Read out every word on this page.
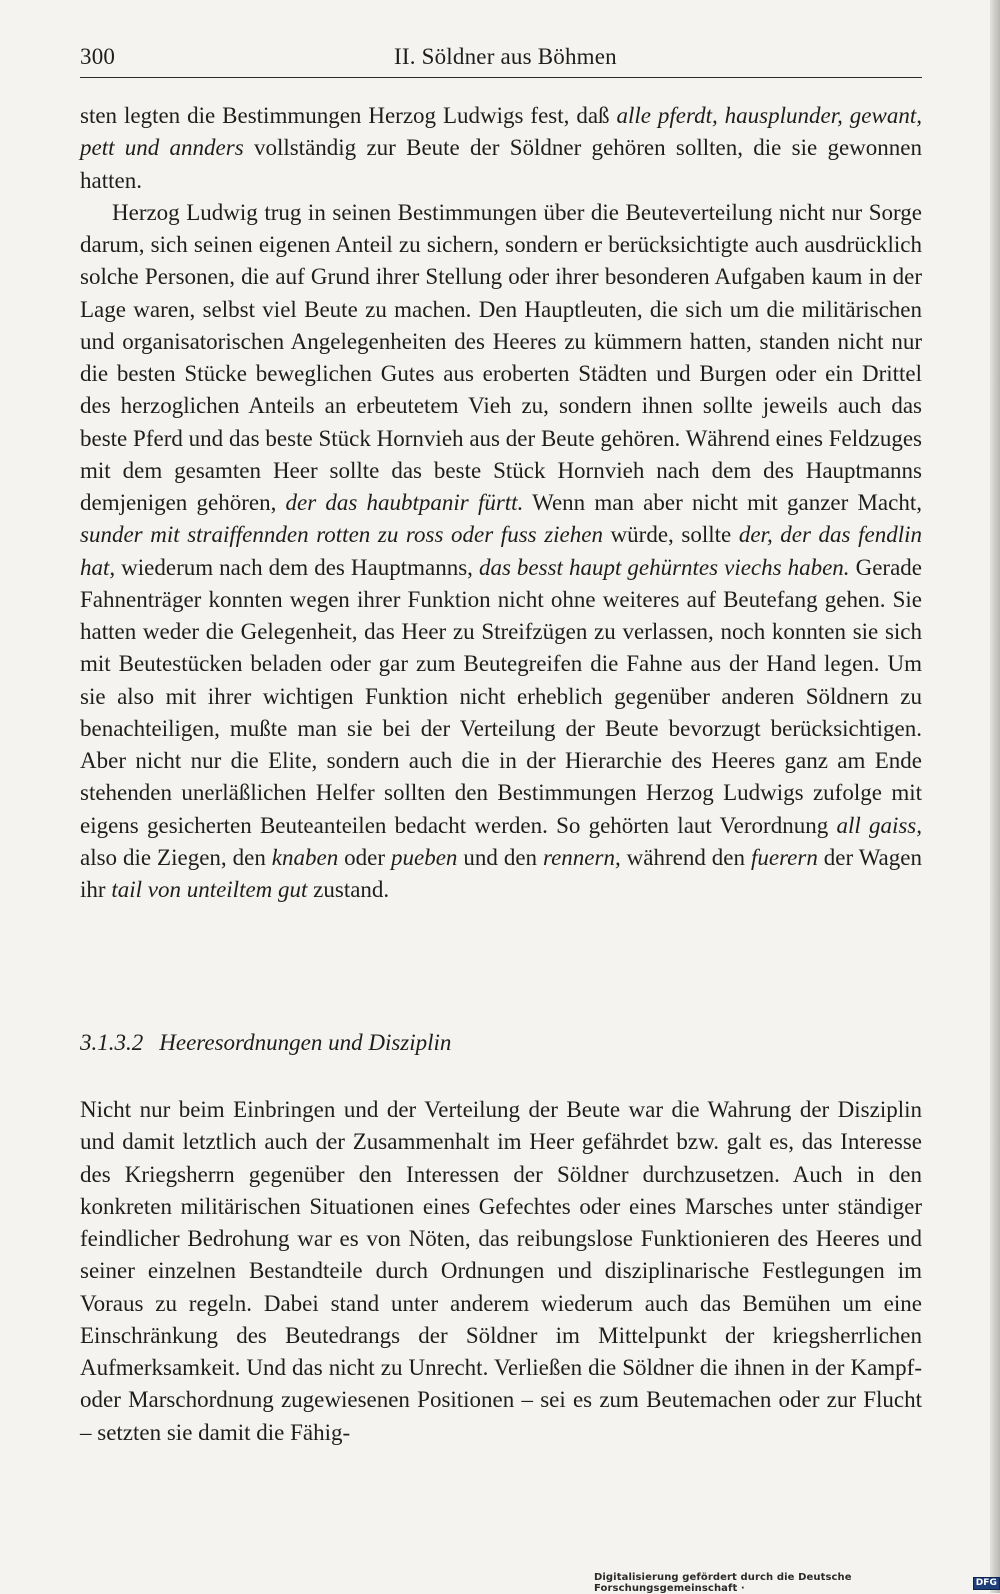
300	II. Söldner aus Böhmen

sten legten die Bestimmungen Herzog Ludwigs fest, daß alle pferdt, hausplunder, gewant, pett und annders vollständig zur Beute der Söldner gehören sollten, die sie gewonnen hatten.

Herzog Ludwig trug in seinen Bestimmungen über die Beuteverteilung nicht nur Sorge darum, sich seinen eigenen Anteil zu sichern, sondern er berücksichtigte auch ausdrücklich solche Personen, die auf Grund ihrer Stellung oder ihrer besonderen Aufgaben kaum in der Lage waren, selbst viel Beute zu machen. Den Hauptleuten, die sich um die militärischen und organisatorischen Angelegenheiten des Heeres zu kümmern hatten, standen nicht nur die besten Stücke beweglichen Gutes aus eroberten Städten und Burgen oder ein Drittel des herzoglichen Anteils an erbeutetem Vieh zu, sondern ihnen sollte jeweils auch das beste Pferd und das beste Stück Hornvieh aus der Beute gehören. Während eines Feldzuges mit dem gesamten Heer sollte das beste Stück Hornvieh nach dem des Hauptmanns demjenigen gehören, der das haubtpanir fürtt. Wenn man aber nicht mit ganzer Macht, sunder mit straiffennden rotten zu ross oder fuss ziehen würde, sollte der, der das fendlin hat, wiederum nach dem des Hauptmanns, das besst haupt gehürntes viechs haben. Gerade Fahnenträger konnten wegen ihrer Funktion nicht ohne weiteres auf Beutefang gehen. Sie hatten weder die Gelegenheit, das Heer zu Streifzügen zu verlassen, noch konnten sie sich mit Beutestücken beladen oder gar zum Beutegreifen die Fahne aus der Hand legen. Um sie also mit ihrer wichtigen Funktion nicht erheblich gegenüber anderen Söldnern zu benachteiligen, mußte man sie bei der Verteilung der Beute bevorzugt berücksichtigen. Aber nicht nur die Elite, sondern auch die in der Hierarchie des Heeres ganz am Ende stehenden unerläßlichen Helfer sollten den Bestimmungen Herzog Ludwigs zufolge mit eigens gesicherten Beuteanteilen bedacht werden. So gehörten laut Verordnung all gaiss, also die Ziegen, den knaben oder pueben und den rennern, während den fuerern der Wagen ihr tail von unteiltem gut zustand.

3.1.3.2 Heeresordnungen und Disziplin

Nicht nur beim Einbringen und der Verteilung der Beute war die Wahrung der Disziplin und damit letztlich auch der Zusammenhalt im Heer gefährdet bzw. galt es, das Interesse des Kriegsherrn gegenüber den Interessen der Söldner durchzusetzen. Auch in den konkreten militärischen Situationen eines Gefechtes oder eines Marsches unter ständiger feindlicher Bedrohung war es von Nöten, das reibungslose Funktionieren des Heeres und seiner einzelnen Bestandteile durch Ordnungen und disziplinarische Festlegungen im Voraus zu regeln. Dabei stand unter anderem wiederum auch das Bemühen um eine Einschränkung des Beutedrangs der Söldner im Mittelpunkt der kriegsherrlichen Aufmerksamkeit. Und das nicht zu Unrecht. Verließen die Söldner die ihnen in der Kampf- oder Marschordnung zugewiesenen Positionen – sei es zum Beutemachen oder zur Flucht – setzten sie damit die Fähig-

Digitalisierung gefördert durch die Deutsche Forschungsgemeinschaft ·
DFG
